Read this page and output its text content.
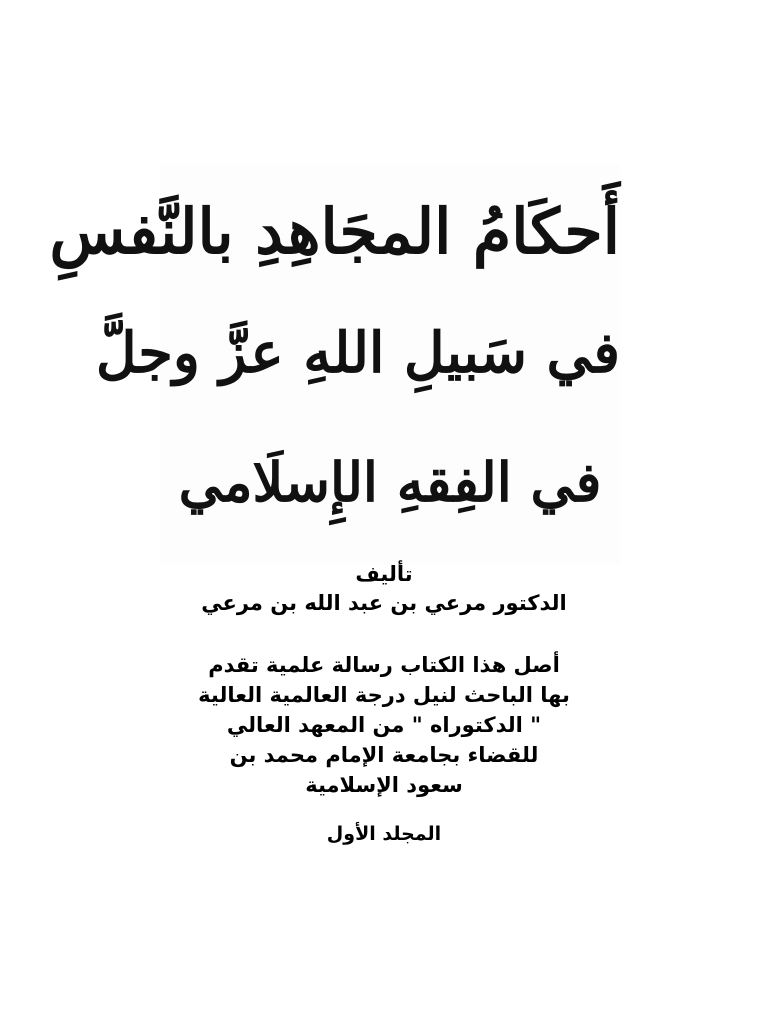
أَحكَامُ المجَاهِدِ بالنَّفسِ
في سَبيلِ اللهِ عزَّ وجلَّ
في الفِقهِ الإِسلَامي
تأليف
الدكتور مرعي بن عبد الله بن مرعي
أصل هذا الكتاب رسالة علمية تقدم
بها الباحث لنيل درجة العالمية العالية
" الدكتوراه " من المعهد العالي
للقضاء بجامعة الإمام محمد بن
سعود الإسلامية
المجلد الأول
